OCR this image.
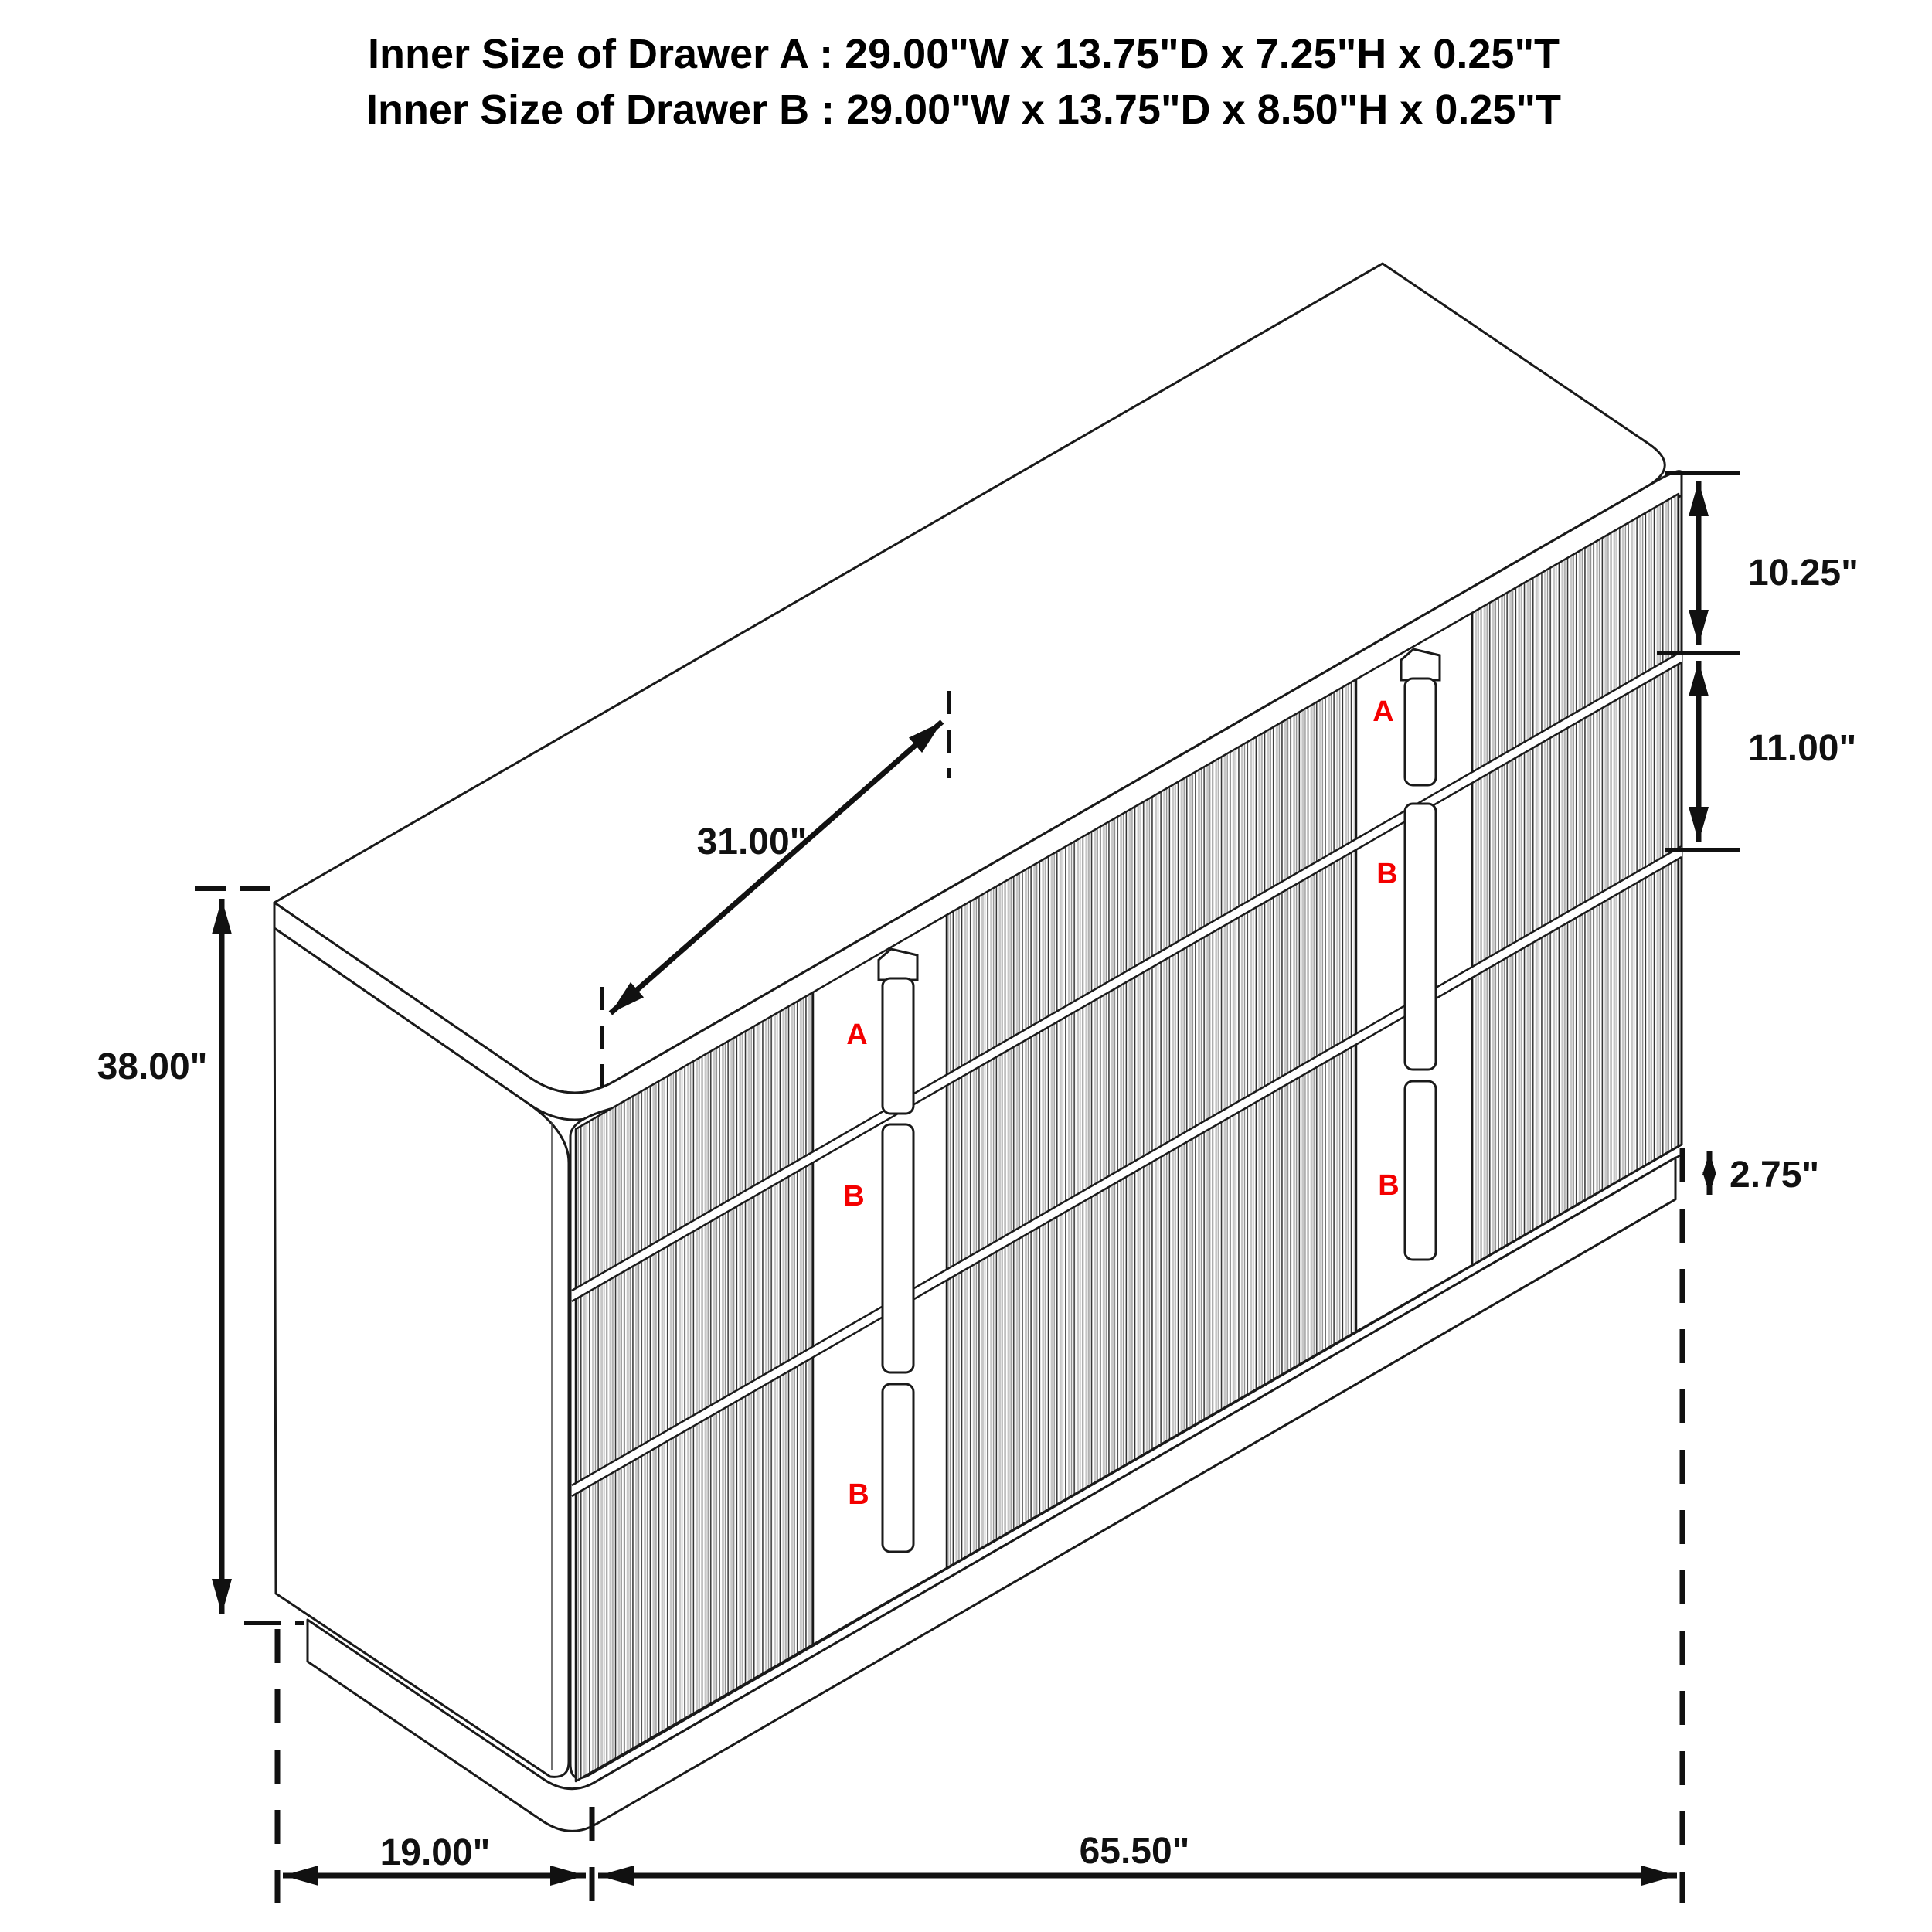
Inner Size of Drawer A : 29.00"W x 13.75"D x 7.25"H x 0.25"T
Inner Size of Drawer B : 29.00"W x 13.75"D x 8.50"H x 0.25"T
A
B
B
A
B
B
38.00"
10.25"
11.00"
2.75"
31.00"
19.00"	65.50"
